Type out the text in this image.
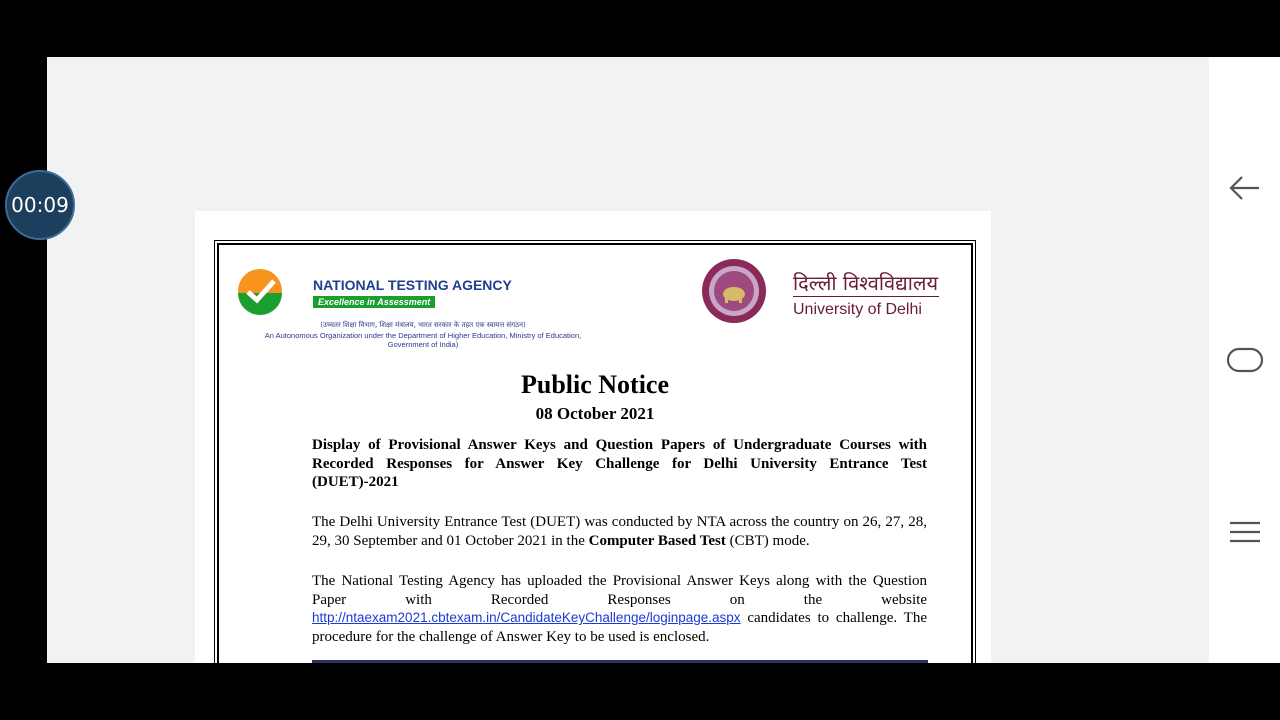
NATIONAL TESTING AGENCY
Excellence in Assessment
(उच्चतर शिक्षा विभाग, शिक्षा मंत्रालय, भारत सरकार के तहत एक स्वायत्त संगठन)
An Autonomous Organization under the Department of Higher Education, Ministry of Education, Government of India)
दिल्ली विश्वविद्यालय
University of Delhi
Public Notice
08 October 2021
Display of Provisional Answer Keys and Question Papers of Undergraduate Courses with Recorded Responses for Answer Key Challenge for Delhi University Entrance Test (DUET)-2021
The Delhi University Entrance Test (DUET) was conducted by NTA across the country on 26, 27, 28, 29, 30 September and 01 October 2021 in the Computer Based Test (CBT) mode.
The National Testing Agency has uploaded the Provisional Answer Keys along with the Question Paper with Recorded Responses on the website http://ntaexam2021.cbtexam.in/CandidateKeyChallenge/loginpage.aspx candidates to challenge. The procedure for the challenge of Answer Key to be used is enclosed.
00:09
